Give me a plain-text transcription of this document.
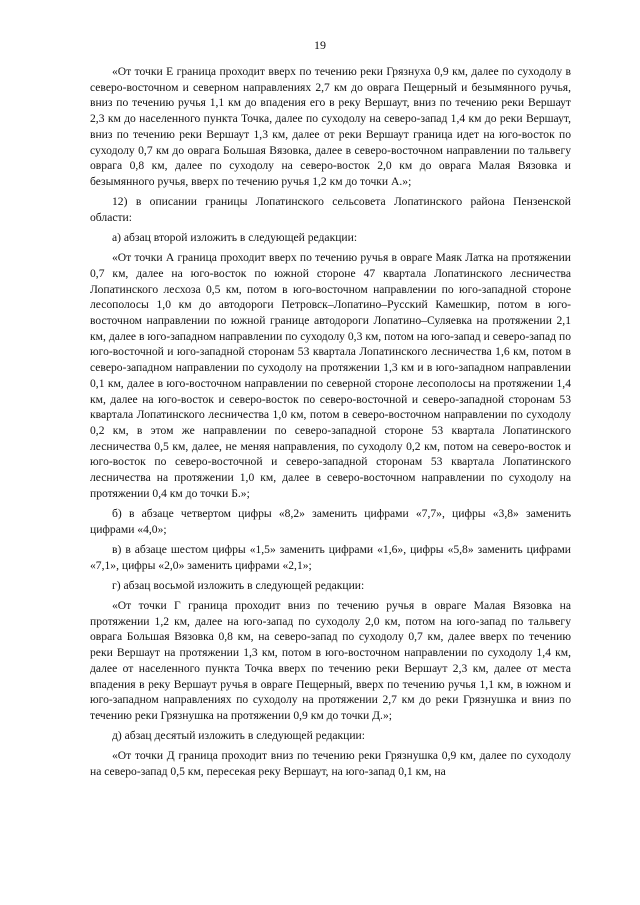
19

«От точки Е граница проходит вверх по течению реки Грязнуха 0,9 км, далее по суходолу в северо-восточном и северном направлениях 2,7 км до оврага Пещерный и безымянного ручья, вниз по течению ручья 1,1 км до впадения его в реку Вершаут, вниз по течению реки Вершаут 2,3 км до населенного пункта Точка, далее по суходолу на северо-запад 1,4 км до реки Вершаут, вниз по течению реки Вершаут 1,3 км, далее от реки Вершаут граница идет на юго-восток по суходолу 0,7 км до оврага Большая Вязовка, далее в северо-восточном направлении по тальвегу оврага 0,8 км, далее по суходолу на северо-восток 2,0 км до оврага Малая Вязовка и безымянного ручья, вверх по течению ручья 1,2 км до точки А.»;

12) в описании границы Лопатинского сельсовета Лопатинского района Пензенской области:

а) абзац второй изложить в следующей редакции:

«От точки А граница проходит вверх по течению ручья в овраге Маяк Латка на протяжении 0,7 км, далее на юго-восток по южной стороне 47 квартала Лопатинского лесничества Лопатинского лесхоза 0,5 км, потом в юго-восточном направлении по юго-западной стороне лесополосы 1,0 км до автодороги Петровск–Лопатино–Русский Камешкир, потом в юго-восточном направлении по южной границе автодороги Лопатино–Суляевка на протяжении 2,1 км, далее в юго-западном направлении по суходолу 0,3 км, потом на юго-запад и северо-запад по юго-восточной и юго-западной сторонам 53 квартала Лопатинского лесничества 1,6 км, потом в северо-западном направлении по суходолу на протяжении 1,3 км и в юго-западном направлении 0,1 км, далее в юго-восточном направлении по северной стороне лесополосы на протяжении 1,4 км, далее на юго-восток и северо-восток по северо-восточной и северо-западной сторонам 53 квартала Лопатинского лесничества 1,0 км, потом в северо-восточном направлении по суходолу 0,2 км, в этом же направлении по северо-западной стороне 53 квартала Лопатинского лесничества 0,5 км, далее, не меняя направления, по суходолу 0,2 км, потом на северо-восток и юго-восток по северо-восточной и северо-западной сторонам 53 квартала Лопатинского лесничества на протяжении 1,0 км, далее в северо-восточном направлении по суходолу на протяжении 0,4 км до точки Б.»;

б) в абзаце четвертом цифры «8,2» заменить цифрами «7,7», цифры «3,8» заменить цифрами «4,0»;

в) в абзаце шестом цифры «1,5» заменить цифрами «1,6», цифры «5,8» заменить цифрами «7,1», цифры «2,0» заменить цифрами «2,1»;

г) абзац восьмой изложить в следующей редакции:

«От точки Г граница проходит вниз по течению ручья в овраге Малая Вязовка на протяжении 1,2 км, далее на юго-запад по суходолу 2,0 км, потом на юго-запад по тальвегу оврага Большая Вязовка 0,8 км, на северо-запад по суходолу 0,7 км, далее вверх по течению реки Вершаут на протяжении 1,3 км, потом в юго-восточном направлении по суходолу 1,4 км, далее от населенного пункта Точка вверх по течению реки Вершаут 2,3 км, далее от места впадения в реку Вершаут ручья в овраге Пещерный, вверх по течению ручья 1,1 км, в южном и юго-западном направлениях по суходолу на протяжении 2,7 км до реки Грязнушка и вниз по течению реки Грязнушка на протяжении 0,9 км до точки Д.»;

д) абзац десятый изложить в следующей редакции:

«От точки Д граница проходит вниз по течению реки Грязнушка 0,9 км, далее по суходолу на северо-запад 0,5 км, пересекая реку Вершаут, на юго-запад 0,1 км, на
